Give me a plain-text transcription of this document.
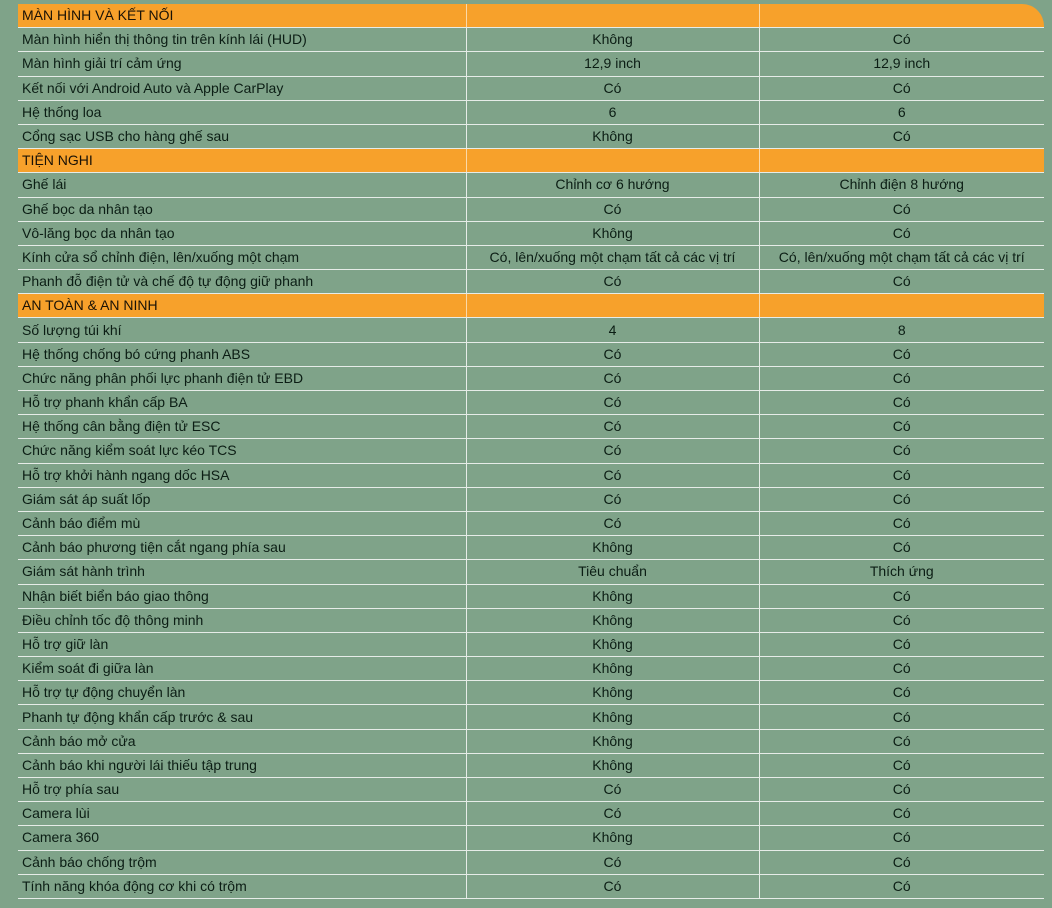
MÀN HÌNH VÀ KẾT NỐI		
Màn hình hiển thị thông tin trên kính lái (HUD)	Không	Có
Màn hình giải trí cảm ứng	12,9 inch	12,9 inch
Kết nối với Android Auto và Apple CarPlay	Có	Có
Hệ thống loa	6	6
Cổng sạc USB cho hàng ghế sau	Không	Có
TIỆN NGHI		
Ghế lái	Chỉnh cơ 6 hướng	Chỉnh điện 8 hướng
Ghế bọc da nhân tạo	Có	Có
Vô-lăng bọc da nhân tạo	Không	Có
Kính cửa sổ chỉnh điện, lên/xuống một chạm	Có, lên/xuống một chạm tất cả các vị trí	Có, lên/xuống một chạm tất cả các vị trí
Phanh đỗ điện tử và chế độ tự động giữ phanh	Có	Có
AN TOÀN & AN NINH		
Số lượng túi khí	4	8
Hệ thống chống bó cứng phanh ABS	Có	Có
Chức năng phân phối lực phanh điện tử EBD	Có	Có
Hỗ trợ phanh khẩn cấp BA	Có	Có
Hệ thống cân bằng điện tử ESC	Có	Có
Chức năng kiểm soát lực kéo TCS	Có	Có
Hỗ trợ khởi hành ngang dốc HSA	Có	Có
Giám sát áp suất lốp	Có	Có
Cảnh báo điểm mù	Có	Có
Cảnh báo phương tiện cắt ngang phía sau	Không	Có
Giám sát hành trình	Tiêu chuẩn	Thích ứng
Nhận biết biển báo giao thông	Không	Có
Điều chỉnh tốc độ thông minh	Không	Có
Hỗ trợ giữ làn	Không	Có
Kiểm soát đi giữa làn	Không	Có
Hỗ trợ tự động chuyển làn	Không	Có
Phanh tự động khẩn cấp trước & sau	Không	Có
Cảnh báo mở cửa	Không	Có
Cảnh báo khi người lái thiếu tập trung	Không	Có
Hỗ trợ phía sau	Có	Có
Camera lùi	Có	Có
Camera 360	Không	Có
Cảnh báo chống trộm	Có	Có
Tính năng khóa động cơ khi có trộm	Có	Có
